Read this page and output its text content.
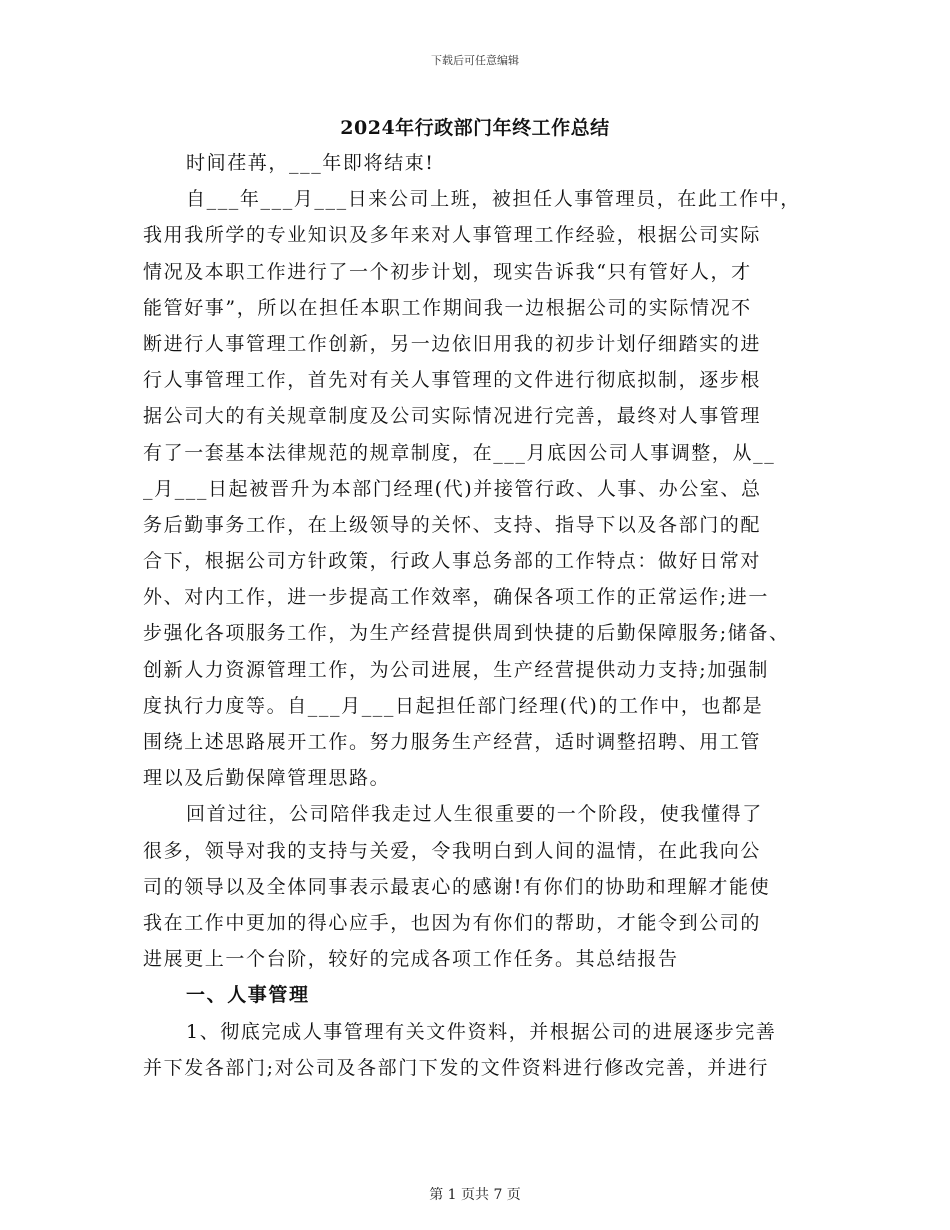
下载后可任意编辑
2024年行政部门年终工作总结
时间荏苒，___年即将结束!
自___年___月___日来公司上班，被担任人事管理员，在此工作中，
我用我所学的专业知识及多年来对人事管理工作经验，根据公司实际
情况及本职工作进行了一个初步计划，现实告诉我“只有管好人，才
能管好事”，所以在担任本职工作期间我一边根据公司的实际情况不
断进行人事管理工作创新，另一边依旧用我的初步计划仔细踏实的进
行人事管理工作，首先对有关人事管理的文件进行彻底拟制，逐步根
据公司大的有关规章制度及公司实际情况进行完善，最终对人事管理
有了一套基本法律规范的规章制度，在___月底因公司人事调整，从__
_月___日起被晋升为本部门经理(代)并接管行政、人事、办公室、总
务后勤事务工作，在上级领导的关怀、支持、指导下以及各部门的配
合下，根据公司方针政策，行政人事总务部的工作特点：做好日常对
外、对内工作，进一步提高工作效率，确保各项工作的正常运作;进一
步强化各项服务工作，为生产经营提供周到快捷的后勤保障服务;储备、
创新人力资源管理工作，为公司进展，生产经营提供动力支持;加强制
度执行力度等。自___月___日起担任部门经理(代)的工作中，也都是
围绕上述思路展开工作。努力服务生产经营，适时调整招聘、用工管
理以及后勤保障管理思路。
回首过往，公司陪伴我走过人生很重要的一个阶段，使我懂得了
很多，领导对我的支持与关爱，令我明白到人间的温情，在此我向公
司的领导以及全体同事表示最衷心的感谢!有你们的协助和理解才能使
我在工作中更加的得心应手，也因为有你们的帮助，才能令到公司的
进展更上一个台阶，较好的完成各项工作任务。其总结报告
一、人事管理
1、彻底完成人事管理有关文件资料，并根据公司的进展逐步完善
并下发各部门;对公司及各部门下发的文件资料进行修改完善，并进行
第 1 页共 7 页
